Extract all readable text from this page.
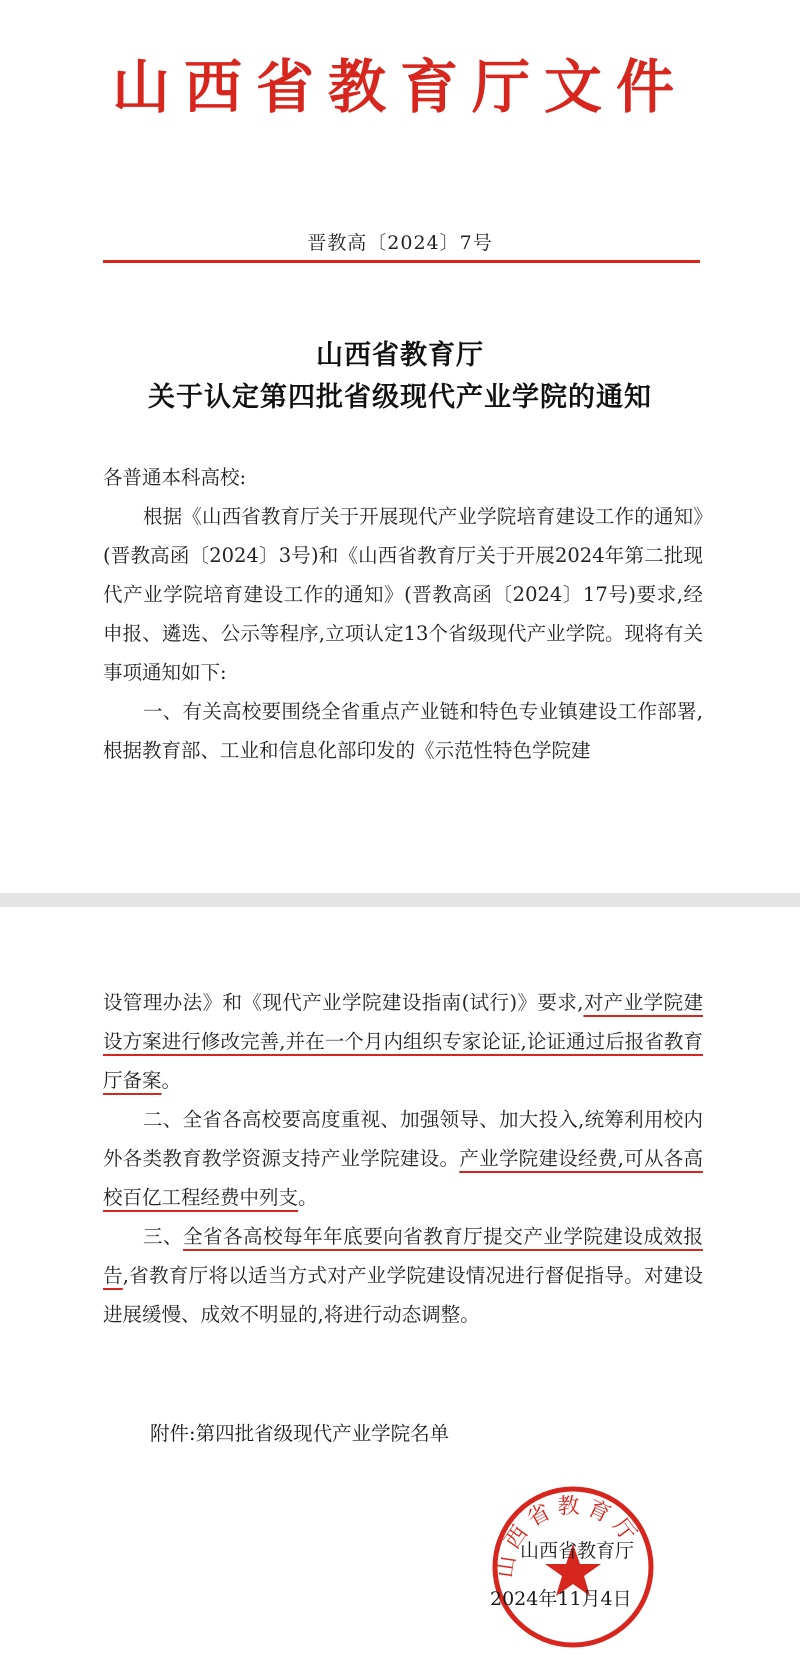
山西省教育厅文件
晋教高〔2024〕7号
山西省教育厅
关于认定第四批省级现代产业学院的通知
各普通本科高校:
根据《山西省教育厅关于开展现代产业学院培育建设工作的通知》(晋教高函〔2024〕3号)和《山西省教育厅关于开展2024年第二批现代产业学院培育建设工作的通知》(晋教高函〔2024〕17号)要求,经申报、遴选、公示等程序,立项认定13个省级现代产业学院。现将有关事项通知如下:
一、有关高校要围绕全省重点产业链和特色专业镇建设工作部署,根据教育部、工业和信息化部印发的《示范性特色学院建
设管理办法》和《现代产业学院建设指南(试行)》要求,对产业学院建设方案进行修改完善,并在一个月内组织专家论证,论证通过后报省教育厅备案。
二、全省各高校要高度重视、加强领导、加大投入,统筹利用校内外各类教育教学资源支持产业学院建设。产业学院建设经费,可从各高校百亿工程经费中列支。
三、全省各高校每年年底要向省教育厅提交产业学院建设成效报告,省教育厅将以适当方式对产业学院建设情况进行督促指导。对建设进展缓慢、成效不明显的,将进行动态调整。
附件:第四批省级现代产业学院名单
山西省教育厅
山西省教育厅
2024年11月4日
